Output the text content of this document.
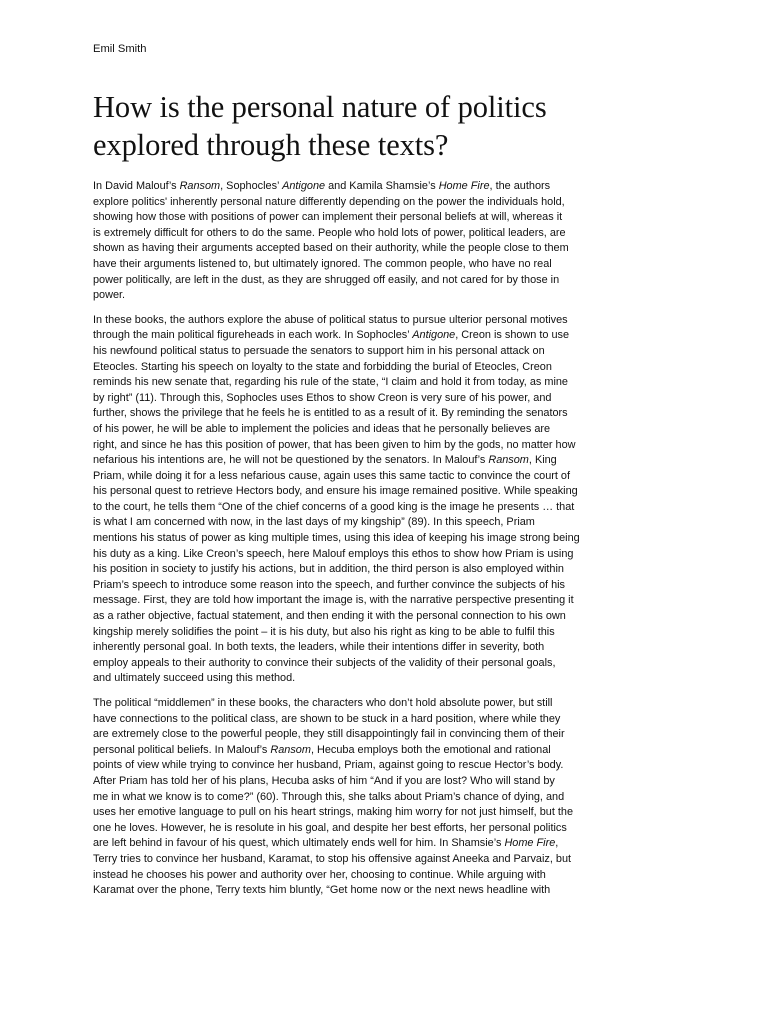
Emil Smith
How is the personal nature of politics
explored through these texts?

In David Malouf’s Ransom, Sophocles’ Antigone and Kamila Shamsie’s Home Fire, the authors
explore politics' inherently personal nature differently depending on the power the individuals hold,
showing how those with positions of power can implement their personal beliefs at will, whereas it
is extremely difficult for others to do the same. People who hold lots of power, political leaders, are
shown as having their arguments accepted based on their authority, while the people close to them
have their arguments listened to, but ultimately ignored. The common people, who have no real
power politically, are left in the dust, as they are shrugged off easily, and not cared for by those in
power.

In these books, the authors explore the abuse of political status to pursue ulterior personal motives
through the main political figureheads in each work. In Sophocles’ Antigone, Creon is shown to use
his newfound political status to persuade the senators to support him in his personal attack on
Eteocles. Starting his speech on loyalty to the state and forbidding the burial of Eteocles, Creon
reminds his new senate that, regarding his rule of the state, “I claim and hold it from today, as mine
by right” (11). Through this, Sophocles uses Ethos to show Creon is very sure of his power, and
further, shows the privilege that he feels he is entitled to as a result of it. By reminding the senators
of his power, he will be able to implement the policies and ideas that he personally believes are
right, and since he has this position of power, that has been given to him by the gods, no matter how
nefarious his intentions are, he will not be questioned by the senators. In Malouf’s Ransom, King
Priam, while doing it for a less nefarious cause, again uses this same tactic to convince the court of
his personal quest to retrieve Hectors body, and ensure his image remained positive. While speaking
to the court, he tells them “One of the chief concerns of a good king is the image he presents … that
is what I am concerned with now, in the last days of my kingship” (89). In this speech, Priam
mentions his status of power as king multiple times, using this idea of keeping his image strong being
his duty as a king. Like Creon’s speech, here Malouf employs this ethos to show how Priam is using
his position in society to justify his actions, but in addition, the third person is also employed within
Priam’s speech to introduce some reason into the speech, and further convince the subjects of his
message. First, they are told how important the image is, with the narrative perspective presenting it
as a rather objective, factual statement, and then ending it with the personal connection to his own
kingship merely solidifies the point – it is his duty, but also his right as king to be able to fulfil this
inherently personal goal. In both texts, the leaders, while their intentions differ in severity, both
employ appeals to their authority to convince their subjects of the validity of their personal goals,
and ultimately succeed using this method.

The political “middlemen” in these books, the characters who don’t hold absolute power, but still
have connections to the political class, are shown to be stuck in a hard position, where while they
are extremely close to the powerful people, they still disappointingly fail in convincing them of their
personal political beliefs. In Malouf’s Ransom, Hecuba employs both the emotional and rational
points of view while trying to convince her husband, Priam, against going to rescue Hector’s body.
After Priam has told her of his plans, Hecuba asks of him “And if you are lost? Who will stand by
me in what we know is to come?” (60). Through this, she talks about Priam’s chance of dying, and
uses her emotive language to pull on his heart strings, making him worry for not just himself, but the
one he loves. However, he is resolute in his goal, and despite her best efforts, her personal politics
are left behind in favour of his quest, which ultimately ends well for him. In Shamsie’s Home Fire,
Terry tries to convince her husband, Karamat, to stop his offensive against Aneeka and Parvaiz, but
instead he chooses his power and authority over her, choosing to continue. While arguing with
Karamat over the phone, Terry texts him bluntly, “Get home now or the next news headline with
